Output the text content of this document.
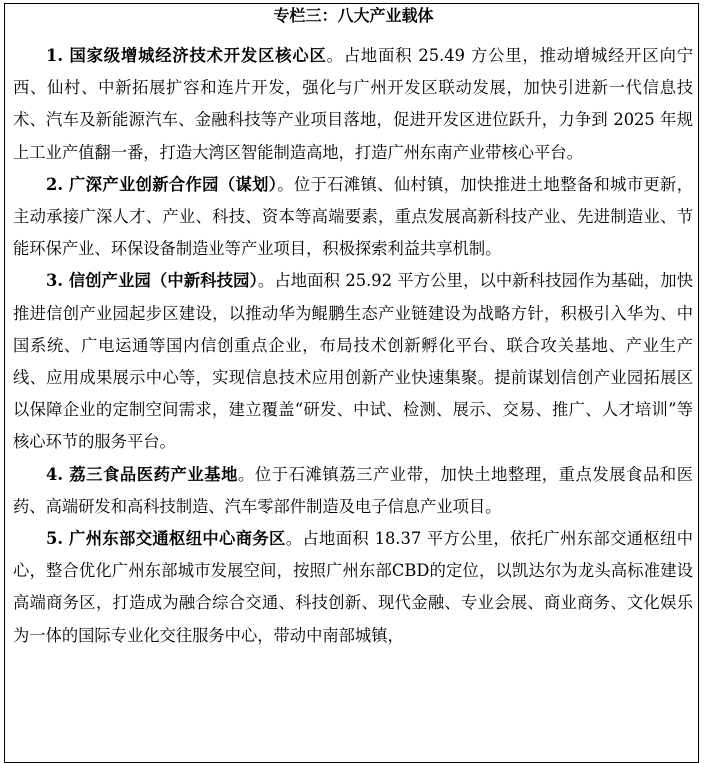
专栏三：八大产业载体

1. 国家级增城经济技术开发区核心区。占地面积 25.49 方公里，推动增城经开区向宁西、仙村、中新拓展扩容和连片开发，强化与广州开发区联动发展，加快引进新一代信息技术、汽车及新能源汽车、金融科技等产业项目落地，促进开发区进位跃升，力争到 2025 年规上工业产值翻一番，打造大湾区智能制造高地，打造广州东南产业带核心平台。

2. 广深产业创新合作园（谋划）。位于石滩镇、仙村镇，加快推进土地整备和城市更新，主动承接广深人才、产业、科技、资本等高端要素，重点发展高新科技产业、先进制造业、节能环保产业、环保设备制造业等产业项目，积极探索利益共享机制。

3. 信创产业园（中新科技园）。占地面积 25.92 平方公里，以中新科技园作为基础，加快推进信创产业园起步区建设，以推动华为鲲鹏生态产业链建设为战略方针，积极引入华为、中国系统、广电运通等国内信创重点企业，布局技术创新孵化平台、联合攻关基地、产业生产线、应用成果展示中心等，实现信息技术应用创新产业快速集聚。提前谋划信创产业园拓展区以保障企业的定制空间需求，建立覆盖“研发、中试、检测、展示、交易、推广、人才培训”等核心环节的服务平台。

4. 荔三食品医药产业基地。位于石滩镇荔三产业带，加快土地整理，重点发展食品和医药、高端研发和高科技制造、汽车零部件制造及电子信息产业项目。

5. 广州东部交通枢纽中心商务区。占地面积 18.37 平方公里，依托广州东部交通枢纽中心，整合优化广州东部城市发展空间，按照广州东部CBD的定位，以凯达尔为龙头高标准建设高端商务区，打造成为融合综合交通、科技创新、现代金融、专业会展、商业商务、文化娱乐为一体的国际专业化交往服务中心，带动中南部城镇，
